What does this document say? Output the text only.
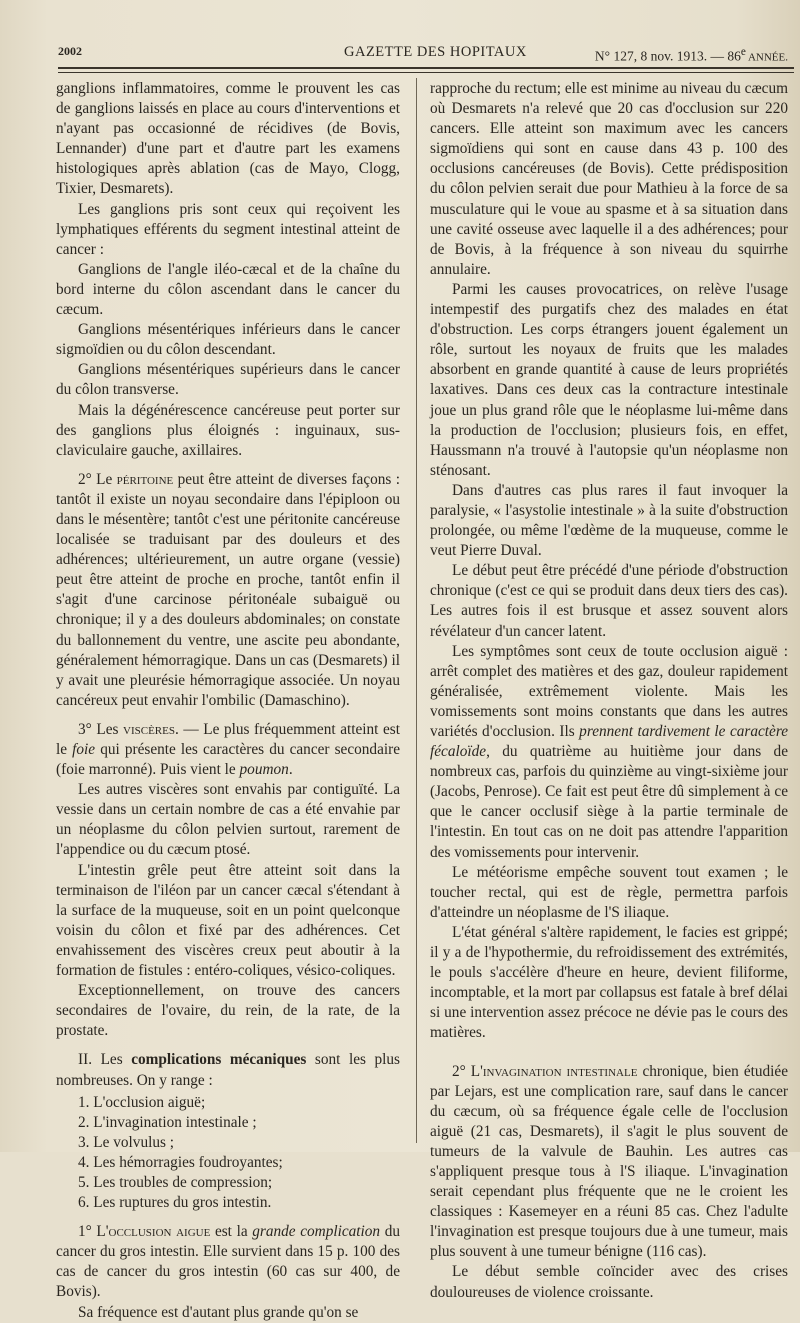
2002	GAZETTE DES HOPITAUX	N° 127, 8 nov. 1913. — 86e ANNÉE.

ganglions inflammatoires, comme le prouvent les cas de ganglions laissés en place au cours d'interventions et n'ayant pas occasionné de récidives (de Bovis, Lennander) d'une part et d'autre part les examens histologiques après ablation (cas de Mayo, Clogg, Tixier, Desmarets).

Les ganglions pris sont ceux qui reçoivent les lymphatiques efférents du segment intestinal atteint de cancer :

Ganglions de l'angle iléo-cæcal et de la chaîne du bord interne du côlon ascendant dans le cancer du cæcum.

Ganglions mésentériques inférieurs dans le cancer sigmoïdien ou du côlon descendant.

Ganglions mésentériques supérieurs dans le cancer du côlon transverse.

Mais la dégénérescence cancéreuse peut porter sur des ganglions plus éloignés : inguinaux, sus-claviculaire gauche, axillaires.

2° Le péritoine peut être atteint de diverses façons : tantôt il existe un noyau secondaire dans l'épiploon ou dans le mésentère; tantôt c'est une péritonite cancéreuse localisée se traduisant par des douleurs et des adhérences; ultérieurement, un autre organe (vessie) peut être atteint de proche en proche, tantôt enfin il s'agit d'une carcinose péritonéale subaiguë ou chronique; il y a des douleurs abdominales; on constate du ballonnement du ventre, une ascite peu abondante, généralement hémorragique. Dans un cas (Desmarets) il y avait une pleurésie hémorragique associée. Un noyau cancéreux peut envahir l'ombilic (Damaschino).

3° Les viscères. — Le plus fréquemment atteint est le foie qui présente les caractères du cancer secondaire (foie marronné). Puis vient le poumon.

Les autres viscères sont envahis par contiguïté. La vessie dans un certain nombre de cas a été envahie par un néoplasme du côlon pelvien surtout, rarement de l'appendice ou du cæcum ptosé.

L'intestin grêle peut être atteint soit dans la terminaison de l'iléon par un cancer cæcal s'étendant à la surface de la muqueuse, soit en un point quelconque voisin du côlon et fixé par des adhérences. Cet envahissement des viscères creux peut aboutir à la formation de fistules : entéro-coliques, vésico-coliques.

Exceptionnellement, on trouve des cancers secondaires de l'ovaire, du rein, de la rate, de la prostate.

II. Les complications mécaniques sont les plus nombreuses. On y range :

1. L'occlusion aiguë;
2. L'invagination intestinale ;
3. Le volvulus ;
4. Les hémorragies foudroyantes;
5. Les troubles de compression;
6. Les ruptures du gros intestin.

1° L'occlusion aigue est la grande complication du cancer du gros intestin. Elle survient dans 15 p. 100 des cas de cancer du gros intestin (60 cas sur 400, de Bovis).

Sa fréquence est d'autant plus grande qu'on se

rapproche du rectum; elle est minime au niveau du cæcum où Desmarets n'a relevé que 20 cas d'occlusion sur 220 cancers. Elle atteint son maximum avec les cancers sigmoïdiens qui sont en cause dans 43 p. 100 des occlusions cancéreuses (de Bovis). Cette prédisposition du côlon pelvien serait due pour Mathieu à la force de sa musculature qui le voue au spasme et à sa situation dans une cavité osseuse avec laquelle il a des adhérences; pour de Bovis, à la fréquence à son niveau du squirrhe annulaire.

Parmi les causes provocatrices, on relève l'usage intempestif des purgatifs chez des malades en état d'obstruction. Les corps étrangers jouent également un rôle, surtout les noyaux de fruits que les malades absorbent en grande quantité à cause de leurs propriétés laxatives. Dans ces deux cas la contracture intestinale joue un plus grand rôle que le néoplasme lui-même dans la production de l'occlusion; plusieurs fois, en effet, Haussmann n'a trouvé à l'autopsie qu'un néoplasme non sténosant.

Dans d'autres cas plus rares il faut invoquer la paralysie, « l'asystolie intestinale » à la suite d'obstruction prolongée, ou même l'œdème de la muqueuse, comme le veut Pierre Duval.

Le début peut être précédé d'une période d'obstruction chronique (c'est ce qui se produit dans deux tiers des cas). Les autres fois il est brusque et assez souvent alors révélateur d'un cancer latent.

Les symptômes sont ceux de toute occlusion aiguë : arrêt complet des matières et des gaz, douleur rapidement généralisée, extrêmement violente. Mais les vomissements sont moins constants que dans les autres variétés d'occlusion. Ils prennent tardivement le caractère fécaloïde, du quatrième au huitième jour dans de nombreux cas, parfois du quinzième au vingt-sixième jour (Jacobs, Penrose). Ce fait est peut être dû simplement à ce que le cancer occlusif siège à la partie terminale de l'intestin. En tout cas on ne doit pas attendre l'apparition des vomissements pour intervenir.

Le météorisme empêche souvent tout examen ; le toucher rectal, qui est de règle, permettra parfois d'atteindre un néoplasme de l'S iliaque.

L'état général s'altère rapidement, le facies est grippé; il y a de l'hypothermie, du refroidissement des extrémités, le pouls s'accélère d'heure en heure, devient filiforme, incomptable, et la mort par collapsus est fatale à bref délai si une intervention assez précoce ne dévie pas le cours des matières.

2° L'invagination intestinale chronique, bien étudiée par Lejars, est une complication rare, sauf dans le cancer du cæcum, où sa fréquence égale celle de l'occlusion aiguë (21 cas, Desmarets), il s'agit le plus souvent de tumeurs de la valvule de Bauhin. Les autres cas s'appliquent presque tous à l'S iliaque. L'invagination serait cependant plus fréquente que ne le croient les classiques : Kasemeyer en a réuni 85 cas. Chez l'adulte l'invagination est presque toujours due à une tumeur, mais plus souvent à une tumeur bénigne (116 cas).

Le début semble coïncider avec des crises douloureuses de violence croissante.
